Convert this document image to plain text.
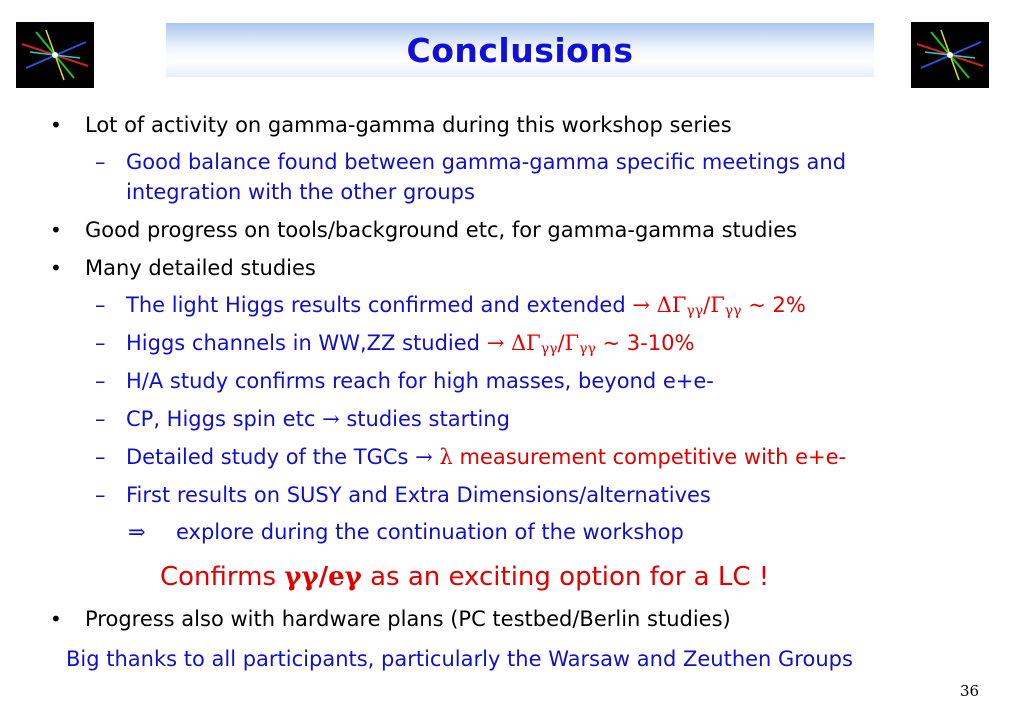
Conclusions
• Lot of activity on gamma-gamma during this workshop series
– Good balance found between gamma-gamma specific meetings and
integration with the other groups
• Good progress on tools/background etc, for gamma-gamma studies
• Many detailed studies
– The light Higgs results confirmed and extended → $\Delta\Gamma_{\gamma\gamma}/\Gamma_{\gamma\gamma}$ ~ 2%
– Higgs channels in WW,ZZ studied → $\Delta\Gamma_{\gamma\gamma}/\Gamma_{\gamma\gamma}$ ~ 3-10%
– H/A study confirms reach for high masses, beyond e+e-
– CP, Higgs spin etc → studies starting
– Detailed study of the TGCs → λ measurement competitive with e+e-
– First results on SUSY and Extra Dimensions/alternatives
⇒ explore during the continuation of the workshop
Confirms γγ/eγ as an exciting option for a LC !
• Progress also with hardware plans (PC testbed/Berlin studies)
Big thanks to all participants, particularly the Warsaw and Zeuthen Groups
36
